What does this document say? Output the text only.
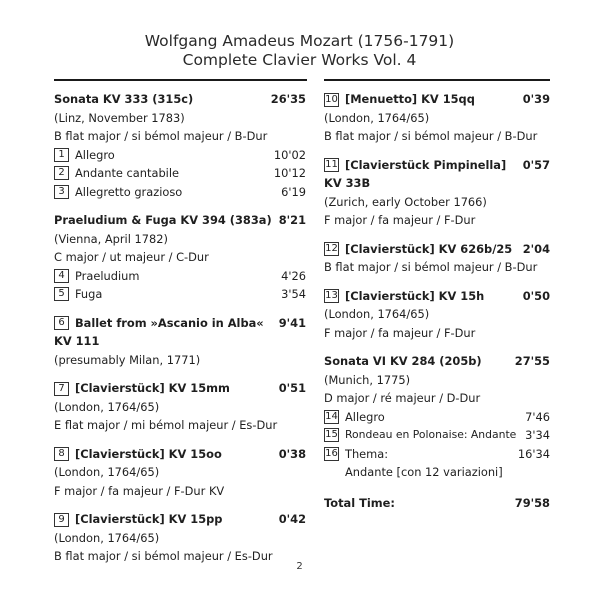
Wolfgang Amadeus Mozart (1756-1791)
Complete Clavier Works Vol. 4
Sonata KV 333 (315c)	26'35
(Linz, November 1783)
B flat major / si bémol majeur / B-Dur
1 Allegro	10'02
2 Andante cantabile	10'12
3 Allegretto grazioso	6'19
Praeludium & Fuga KV 394 (383a) 8'21
(Vienna, April 1782)
C major / ut majeur / C-Dur
4 Praeludium	4'26
5 Fuga	3'54
6 Ballet from »Ascanio in Alba«	9'41
KV 111
(presumably Milan, 1771)
7 [Clavierstück] KV 15mm	0'51
(London, 1764/65)
E flat major / mi bémol majeur / Es-Dur
8 [Clavierstück] KV 15oo	0'38
(London, 1764/65)
F major / fa majeur / F-Dur KV
9 [Clavierstück] KV 15pp	0'42
(London, 1764/65)
B flat major / si bémol majeur / Es-Dur
10 [Menuetto] KV 15qq	0'39
(London, 1764/65)
B flat major / si bémol majeur / B-Dur
11 [Clavierstück Pimpinella]	0'57
KV 33B
(Zurich, early October 1766)
F major / fa majeur / F-Dur
12 [Clavierstück] KV 626b/25 2'04
B flat major / si bémol majeur / B-Dur
13 [Clavierstück] KV 15h	0'50
(London, 1764/65)
F major / fa majeur / F-Dur
Sonata VI KV 284 (205b)	27'55
(Munich, 1775)
D major / ré majeur / D-Dur
14 Allegro	7'46
15 Rondeau en Polonaise: Andante 3'34
16 Thema:	16'34
Andante [con 12 variazioni]
Total Time:	79'58
2
